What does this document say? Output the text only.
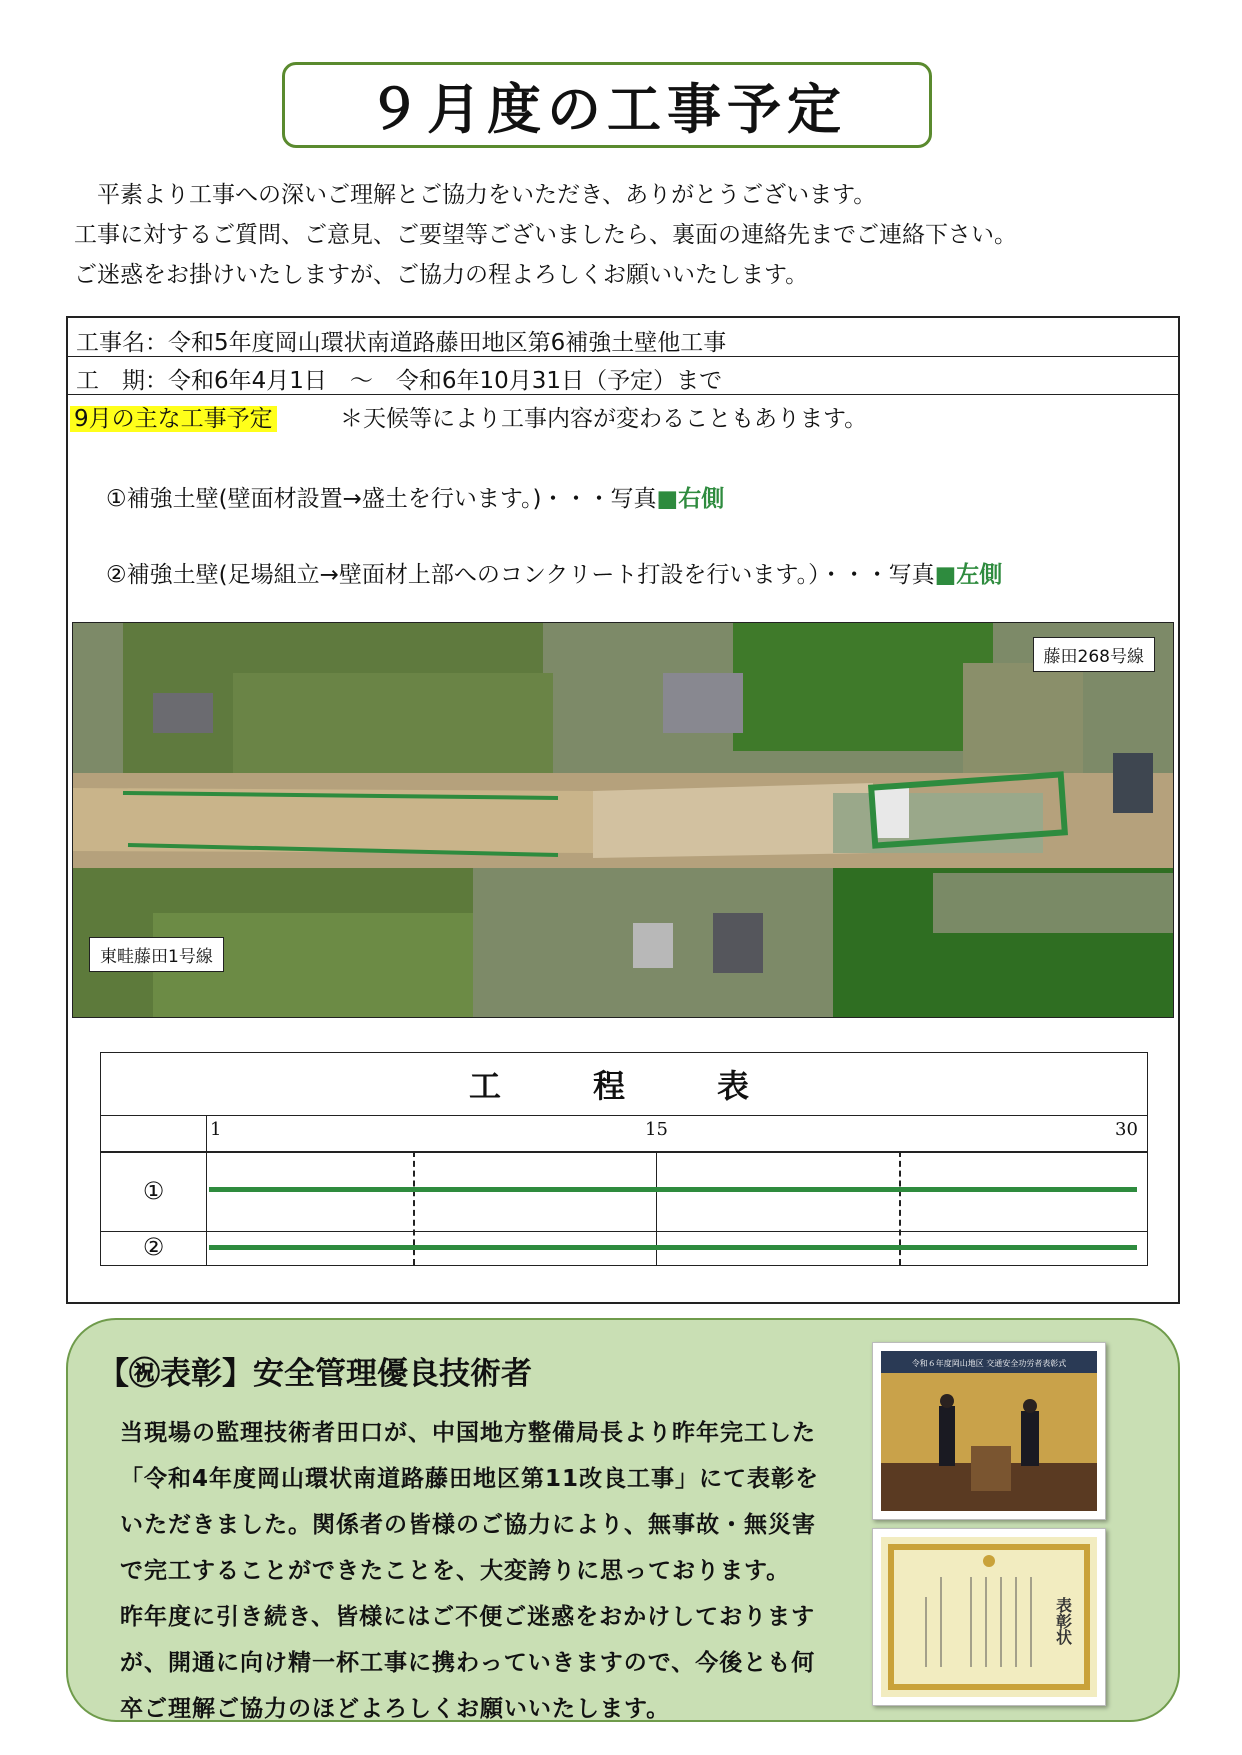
９月度の工事予定
　平素より工事への深いご理解とご協力をいただき、ありがとうございます。
工事に対するご質問、ご意見、ご要望等ございましたら、裏面の連絡先までご連絡下さい。
ご迷惑をお掛けいたしますが、ご協力の程よろしくお願いいたします。
工事名：令和5年度岡山環状南道路藤田地区第6補強土壁他工事
工　期：令和6年4月1日　～　令和6年10月31日（予定）まで
9月の主な工事予定	＊天候等により工事内容が変わることもあります。
①補強土壁(壁面材設置→盛土を行います。)・・・写真■右側
②補強土壁(足場組立→壁面材上部へのコンクリート打設を行います。）・・・写真■左側
藤田268号線
東畦藤田1号線
工　程　表
1	15	30
①
②
【㊗表彰】安全管理優良技術者
当現場の監理技術者田口が、中国地方整備局長より昨年完工した
「令和4年度岡山環状南道路藤田地区第11改良工事」にて表彰を
いただきました。関係者の皆様のご協力により、無事故・無災害
で完工することができたことを、大変誇りに思っております。
昨年度に引き続き、皆様にはご不便ご迷惑をおかけしております
が、開通に向け精一杯工事に携わっていきますので、今後とも何
卒ご理解ご協力のほどよろしくお願いいたします。
令和６年度岡山地区 交通安全功労者表彰式
表彰状
